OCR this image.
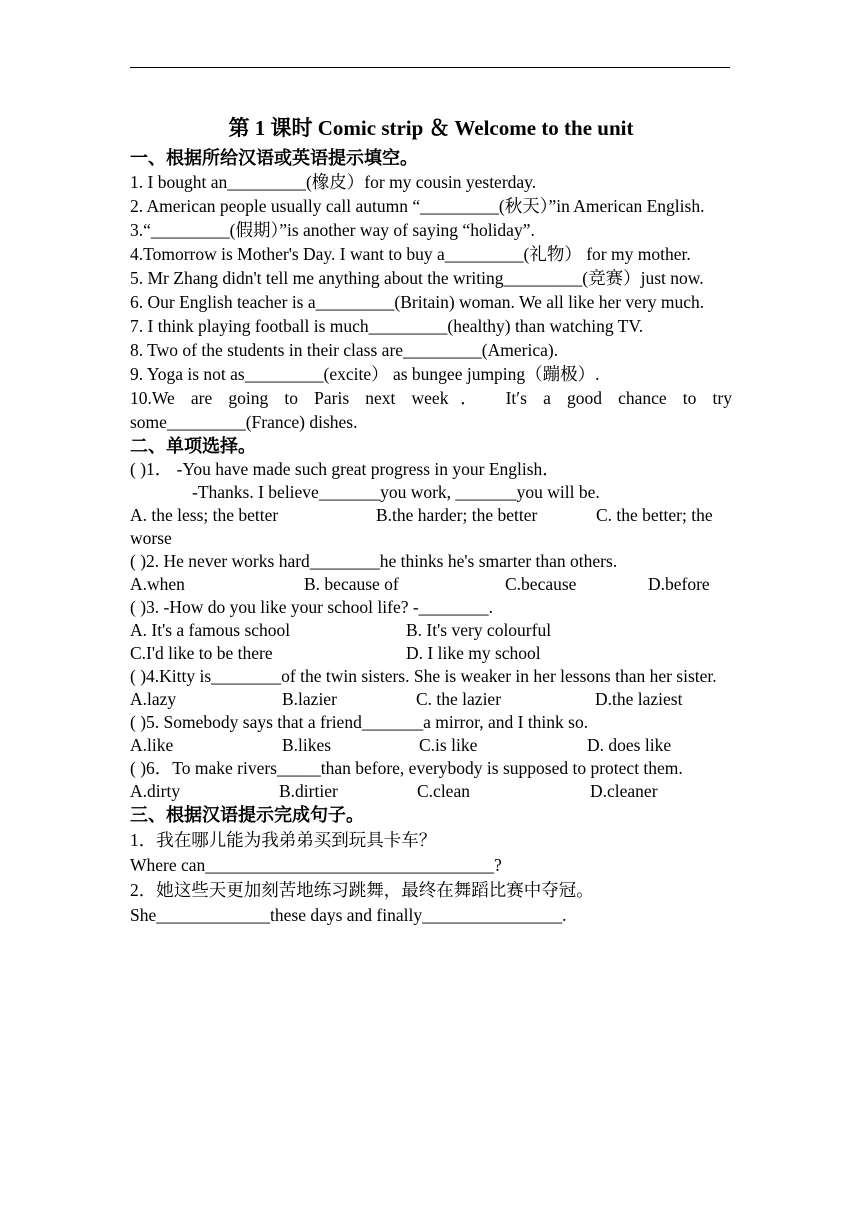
第 1 课时 Comic strip ＆ Welcome to the unit
一、根据所给汉语或英语提示填空。
1. I bought an_________(橡皮）for my cousin yesterday.
2. American people usually call autumn “_________(秋天）”in American English.
3.“_________(假期）”is another way of saying “holiday”.
4.Tomorrow is Mother's Day. I want to buy a_________(礼物） for my mother.
5. Mr Zhang didn't tell me anything about the writing_________(竞赛）just now.
6. Our English teacher is a_________(Britain) woman. We all like her very much.
7. I think playing football is much_________(healthy) than watching TV.
8. Two of the students in their class are_________(America).
9. Yoga is not as_________(excite） as bungee jumping（蹦极）.
10.We are going to Paris next week． It′s a good chance to try some_________(France) dishes.
二、单项选择。
( )1． -You have made such great progress in your English．
-Thanks. I believe_______you work, _______you will be.
A. the less; the better	B.the harder; the better	C. the better; the worse
( )2. He never works hard________he thinks he's smarter than others.
A.when	B. because of	C.because	D.before
( )3. -How do you like your school life? -________.
A. It's a famous school	B. It's very colourful
C.I'd like to be there	D. I like my school
( )4.Kitty is________of the twin sisters. She is weaker in her lessons than her sister.
A.lazy	B.lazier	C. the lazier	D.the laziest
( )5. Somebody says that a friend_______a mirror, and I think so.
A.like	B.likes	C.is like	D. does like
( )6．To make rivers_____than before, everybody is supposed to protect them.
A.dirty	B.dirtier	C.clean	D.cleaner
三、根据汉语提示完成句子。
1．我在哪儿能为我弟弟买到玩具卡车？
Where can_________________________________?
2．她这些天更加刻苦地练习跳舞，最终在舞蹈比赛中夺冠。
She_____________these days and finally________________.
